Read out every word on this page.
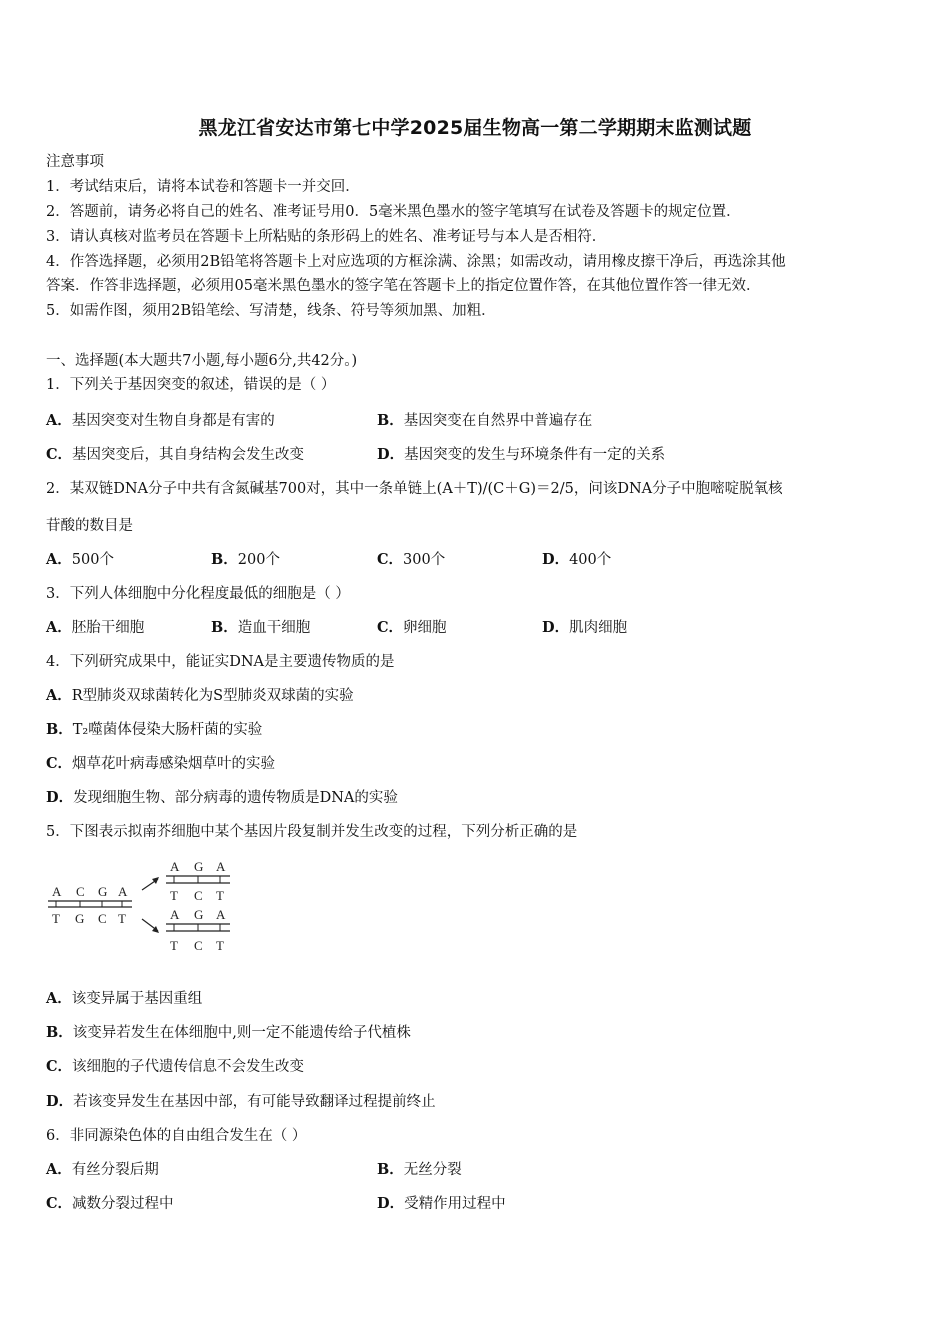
黑龙江省安达市第七中学2025届生物高一第二学期期末监测试题
注意事项
1．考试结束后，请将本试卷和答题卡一并交回．
2．答题前，请务必将自己的姓名、准考证号用0．5毫米黑色墨水的签字笔填写在试卷及答题卡的规定位置．
3．请认真核对监考员在答题卡上所粘贴的条形码上的姓名、准考证号与本人是否相符．
4．作答选择题，必须用2B铅笔将答题卡上对应选项的方框涂满、涂黑；如需改动，请用橡皮擦干净后，再选涂其他
答案．作答非选择题，必须用05毫米黑色墨水的签字笔在答题卡上的指定位置作答，在其他位置作答一律无效．
5．如需作图，须用2B铅笔绘、写清楚，线条、符号等须加黑、加粗．
一、选择题(本大题共7小题,每小题6分,共42分。)
1．下列关于基因突变的叙述，错误的是（ ）
A．基因突变对生物自身都是有害的	B．基因突变在自然界中普遍存在
C．基因突变后，其自身结构会发生改变	D．基因突变的发生与环境条件有一定的关系
2．某双链DNA分子中共有含氮碱基700对，其中一条单链上(A＋T)/(C＋G)＝2/5，问该DNA分子中胞嘧啶脱氧核
苷酸的数目是
A．500个	B．200个	C．300个	D．400个
3．下列人体细胞中分化程度最低的细胞是（ ）
A．胚胎干细胞	B．造血干细胞	C．卵细胞	D．肌肉细胞
4．下列研究成果中，能证实DNA是主要遗传物质的是
A．R型肺炎双球菌转化为S型肺炎双球菌的实验
B．T₂噬菌体侵染大肠杆菌的实验
C．烟草花叶病毒感染烟草叶的实验
D．发现细胞生物、部分病毒的遗传物质是DNA的实验
5．下图表示拟南芥细胞中某个基因片段复制并发生改变的过程，下列分析正确的是
A C G A
T G C T
A G A
T C T
A G A
T C T
A．该变异属于基因重组
B．该变异若发生在体细胞中,则一定不能遗传给子代植株
C．该细胞的子代遗传信息不会发生改变
D．若该变异发生在基因中部，有可能导致翻译过程提前终止
6．非同源染色体的自由组合发生在（ ）
A．有丝分裂后期	B．无丝分裂
C．减数分裂过程中	D．受精作用过程中
